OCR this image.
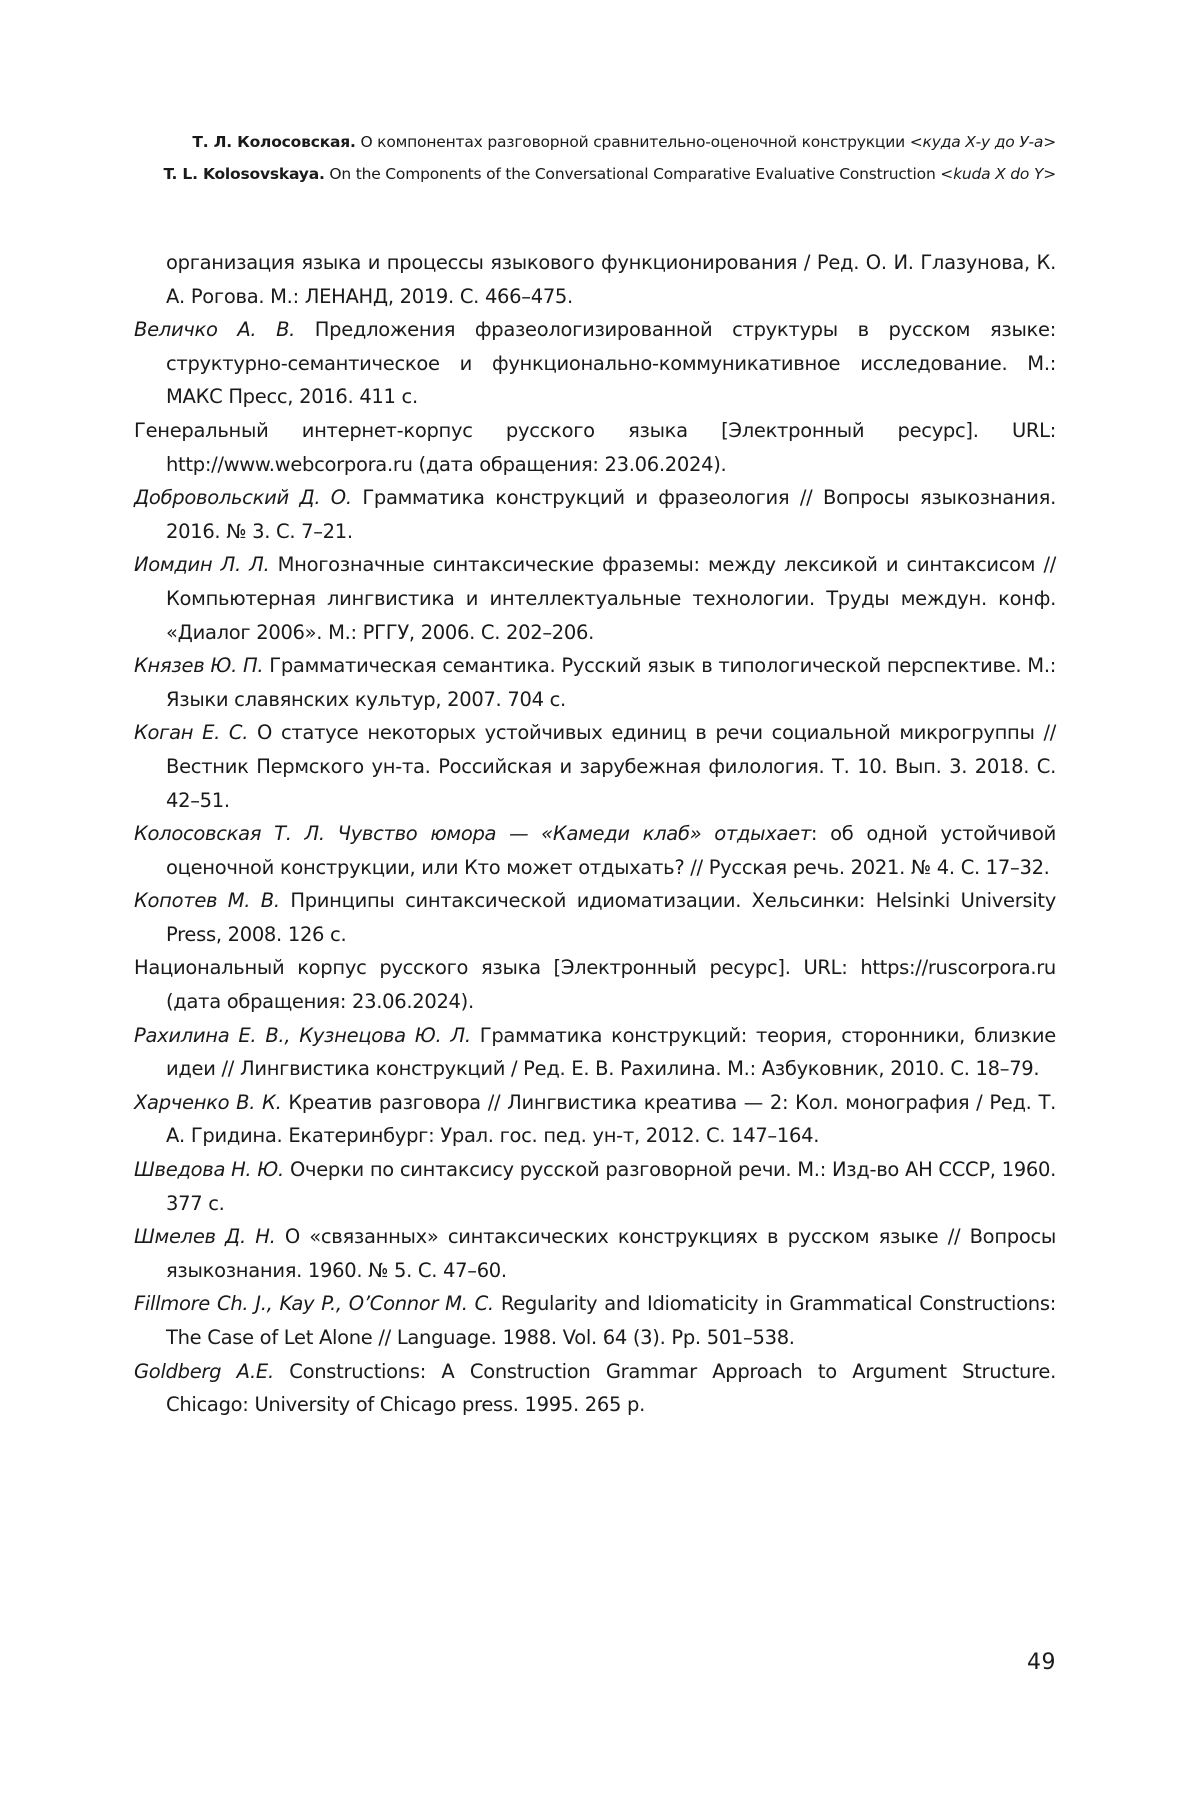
Т. Л. Колосовская. О компонентах разговорной сравнительно-оценочной конструкции <куда Х-у до У-а>
T. L. Kolosovskaya. On the Components of the Conversational Comparative Evaluative Construction <kuda X do Y>

организация языка и процессы языкового функционирования / Ред. О. И. Глазунова, К. А. Рогова. М.: ЛЕНАНД, 2019. С. 466–475.

Величко А. В. Предложения фразеологизированной структуры в русском языке: структурно-семантическое и функционально-коммуникативное исследование. М.: МАКС Пресс, 2016. 411 с.

Генеральный интернет-корпус русского языка [Электронный ресурс]. URL: http://www.webcorpora.ru (дата обращения: 23.06.2024).

Добровольский Д. О. Грамматика конструкций и фразеология // Вопросы языкознания. 2016. № 3. С. 7–21.

Иомдин Л. Л. Многозначные синтаксические фраземы: между лексикой и синтаксисом // Компьютерная лингвистика и интеллектуальные технологии. Труды междун. конф. «Диалог 2006». М.: РГГУ, 2006. С. 202–206.

Князев Ю. П. Грамматическая семантика. Русский язык в типологической перспективе. М.: Языки славянских культур, 2007. 704 с.

Коган Е. С. О статусе некоторых устойчивых единиц в речи социальной микрогруппы // Вестник Пермского ун-та. Российская и зарубежная филология. Т. 10. Вып. 3. 2018. С. 42–51.

Колосовская Т. Л. Чувство юмора — «Камеди клаб» отдыхает: об одной устойчивой оценочной конструкции, или Кто может отдыхать? // Русская речь. 2021. № 4. С. 17–32.

Копотев М. В. Принципы синтаксической идиоматизации. Хельсинки: Helsinki University Press, 2008. 126 с.

Национальный корпус русского языка [Электронный ресурс]. URL: https://ruscorpora.ru (дата обращения: 23.06.2024).

Рахилина Е. В., Кузнецова Ю. Л. Грамматика конструкций: теория, сторонники, близкие идеи // Лингвистика конструкций / Ред. Е. В. Рахилина. М.: Азбуковник, 2010. С. 18–79.

Харченко В. К. Креатив разговора // Лингвистика креатива — 2: Кол. монография / Ред. Т. А. Гридина. Екатеринбург: Урал. гос. пед. ун-т, 2012. С. 147–164.

Шведова Н. Ю. Очерки по синтаксису русской разговорной речи. М.: Изд-во АН СССР, 1960. 377 с.

Шмелев Д. Н. О «связанных» синтаксических конструкциях в русском языке // Вопросы языкознания. 1960. № 5. С. 47–60.

Fillmore Ch. J., Kay P., O’Connor M. C. Regularity and Idiomaticity in Grammatical Constructions: The Case of Let Alone // Language. 1988. Vol. 64 (3). Pp. 501–538.

Goldberg A.E. Constructions: A Construction Grammar Approach to Argument Structure. Chicago: University of Chicago press. 1995. 265 p.

49
